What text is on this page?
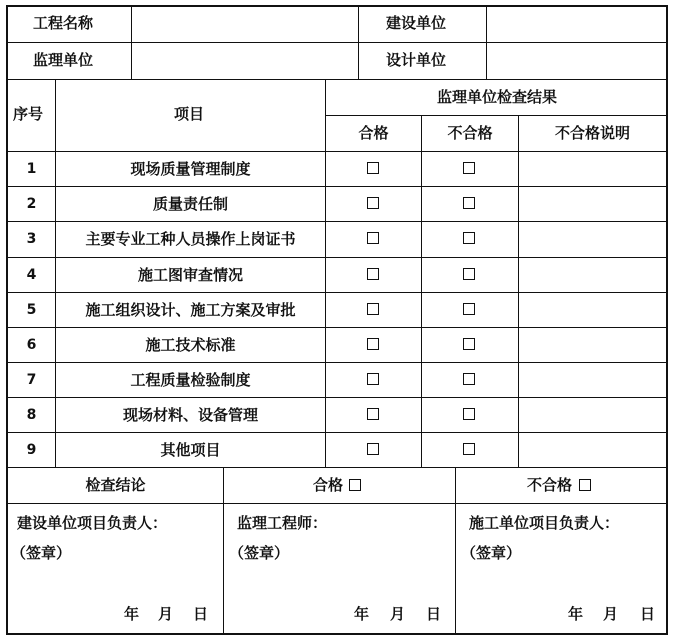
工程名称	建设单位
监理单位	设计单位
序号	项目
监理单位检查结果
合格	不合格	不合格说明
1	现场质量管理制度
2	质量责任制
3	主要专业工种人员操作上岗证书
4	施工图审查情况
5	施工组织设计、施工方案及审批
6	施工技术标准
7	工程质量检验制度
8	现场材料、设备管理
9	其他项目
检查结论	合格	不合格
建设单位项目负责人：
（签章）
年 月 日
监理工程师：
（签章）
年 月 日
施工单位项目负责人：
（签章）
年 月 日
